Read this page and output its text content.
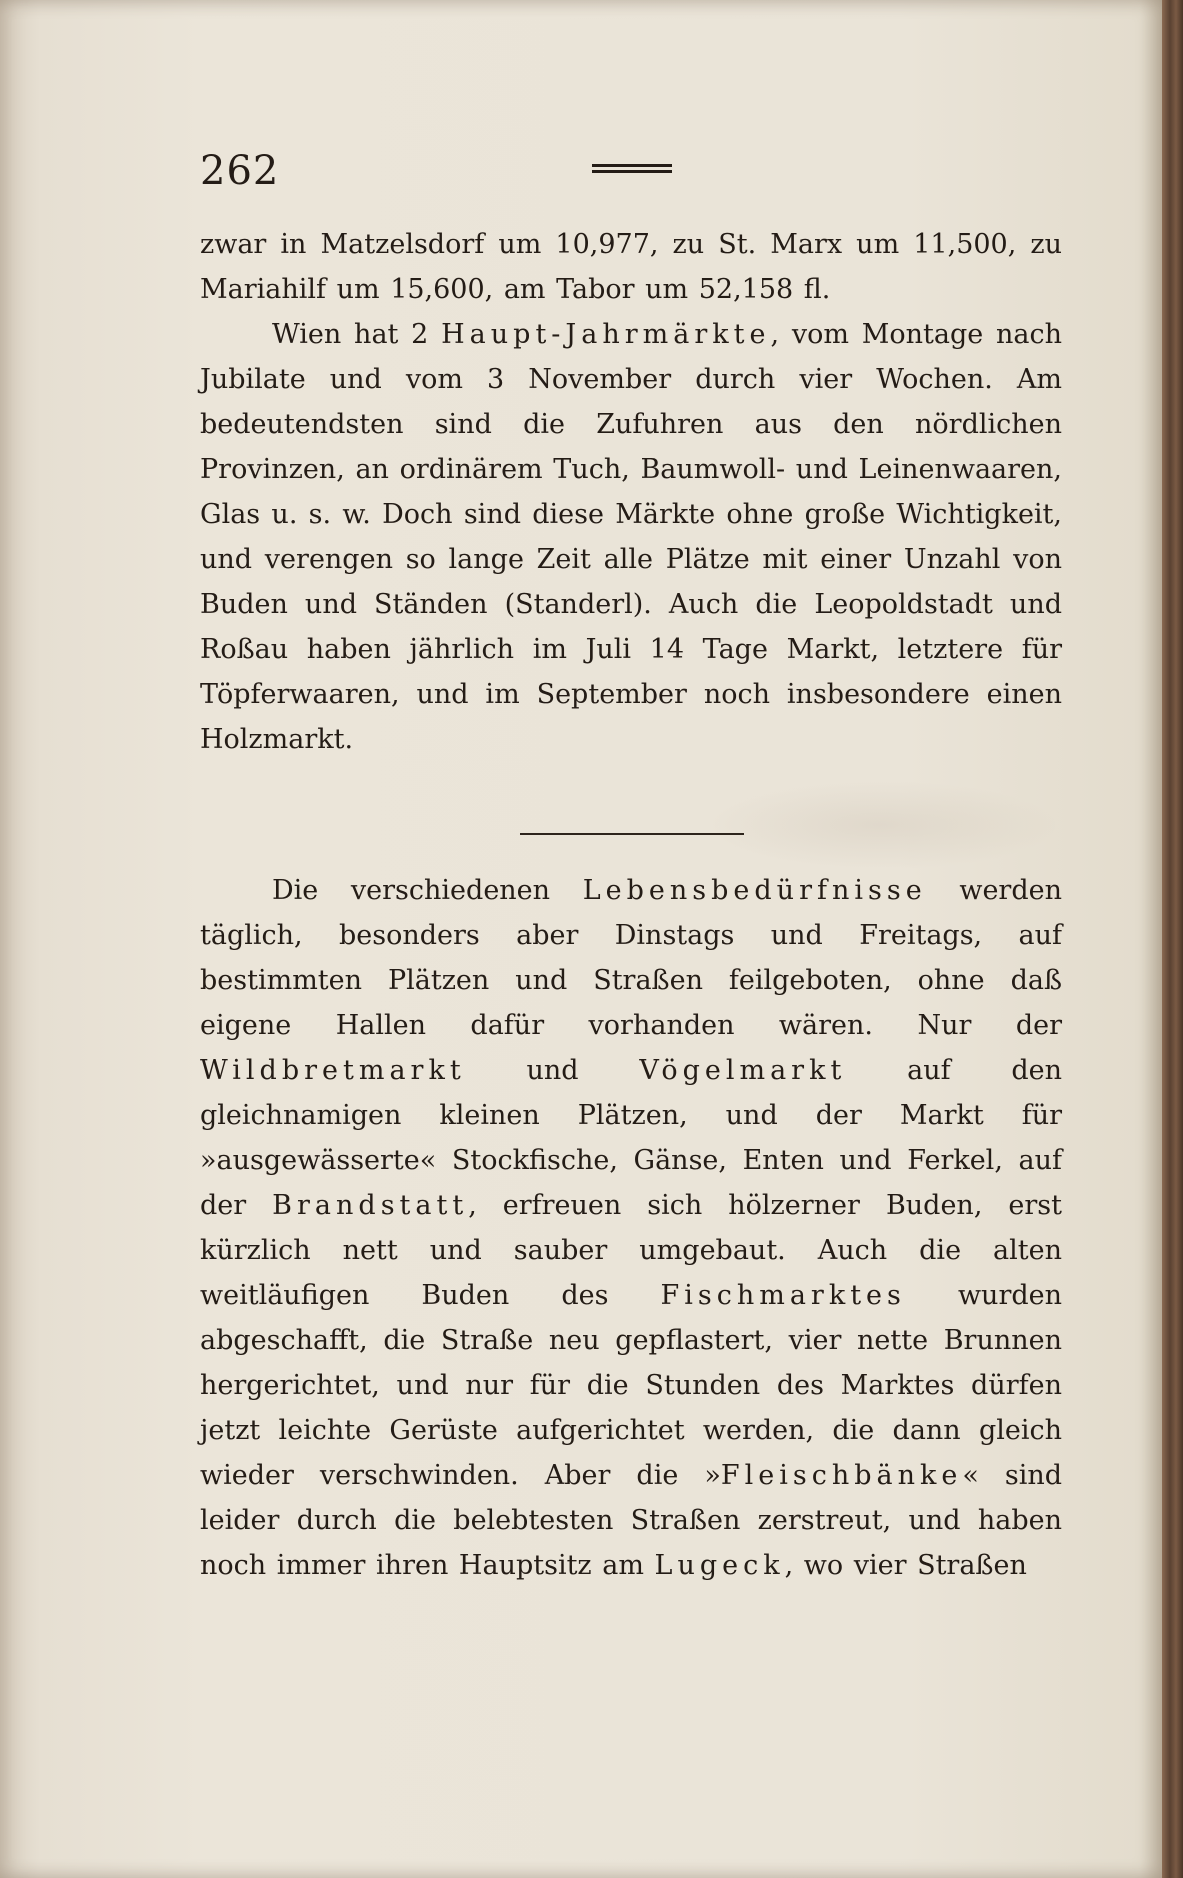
262

zwar in Matzelsdorf um 10,977, zu St. Marx um 11,500, zu Mariahilf um 15,600, am Tabor um 52,158 fl.

Wien hat 2 Haupt-Jahrmärkte, vom Montage nach Jubilate und vom 3 November durch vier Wochen. Am bedeutendsten sind die Zufuhren aus den nördlichen Provinzen, an ordinärem Tuch, Baumwoll- und Leinenwaaren, Glas u. s. w. Doch sind diese Märkte ohne große Wichtigkeit, und verengen so lange Zeit alle Plätze mit einer Unzahl von Buden und Ständen (Standerl). Auch die Leopoldstadt und Roßau haben jährlich im Juli 14 Tage Markt, letztere für Töpferwaaren, und im September noch insbesondere einen Holzmarkt.

Die verschiedenen Lebensbedürfnisse werden täglich, besonders aber Dinstags und Freitags, auf bestimmten Plätzen und Straßen feilgeboten, ohne daß eigene Hallen dafür vorhanden wären. Nur der Wildbretmarkt und Vögelmarkt auf den gleichnamigen kleinen Plätzen, und der Markt für »ausgewässerte« Stockfische, Gänse, Enten und Ferkel, auf der Brandstatt, erfreuen sich hölzerner Buden, erst kürzlich nett und sauber umgebaut. Auch die alten weitläufigen Buden des Fischmarktes wurden abgeschafft, die Straße neu gepflastert, vier nette Brunnen hergerichtet, und nur für die Stunden des Marktes dürfen jetzt leichte Gerüste aufgerichtet werden, die dann gleich wieder verschwinden. Aber die »Fleischbänke« sind leider durch die belebtesten Straßen zerstreut, und haben noch immer ihren Hauptsitz am Lugeck, wo vier Straßen
